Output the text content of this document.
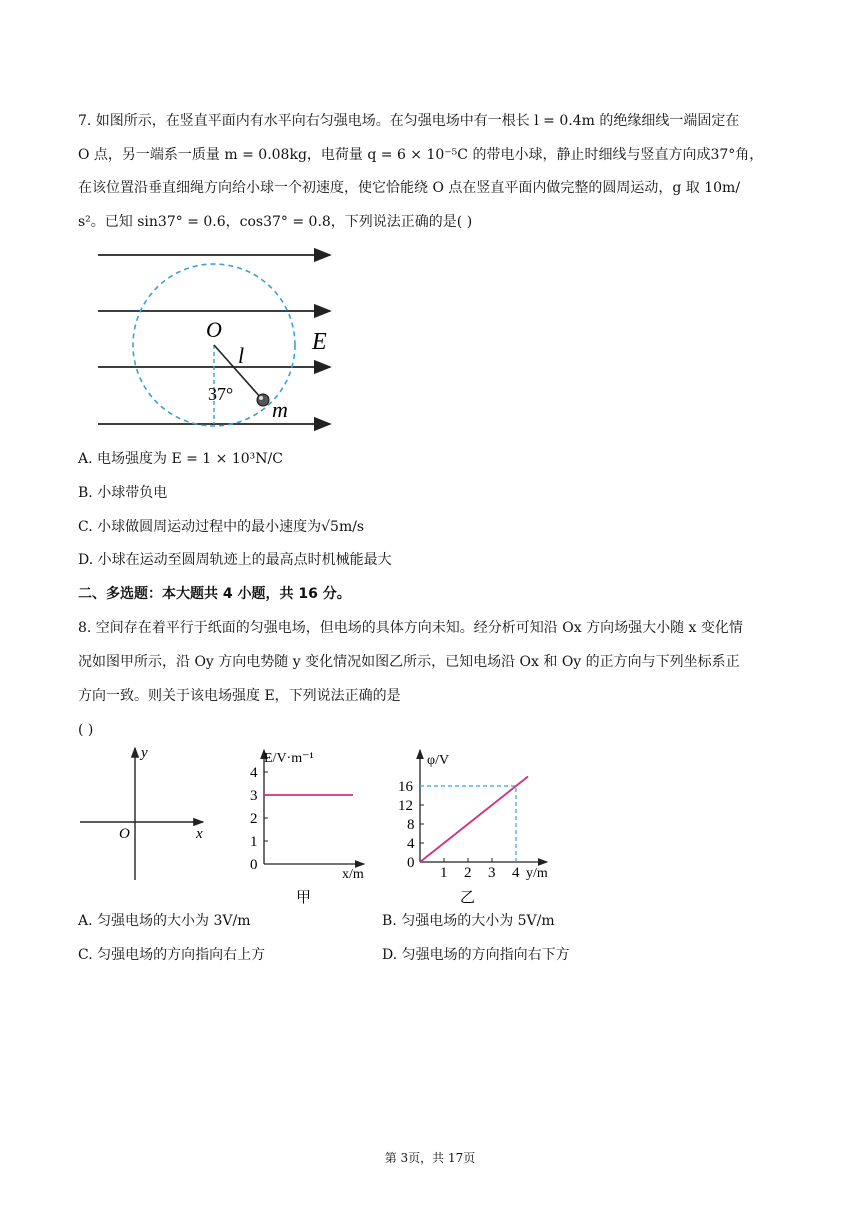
7. 如图所示，在竖直平面内有水平向右匀强电场。在匀强电场中有一根长 l = 0.4m 的绝缘细线一端固定在
O 点，另一端系一质量 m = 0.08kg，电荷量 q = 6 × 10⁻⁵C 的带电小球，静止时细线与竖直方向成37°角，
在该位置沿垂直细绳方向给小球一个初速度，使它恰能绕 O 点在竖直平面内做完整的圆周运动，g 取 10m/
s²。已知 sin37° = 0.6，cos37° = 0.8，下列说法正确的是( )
O
l
E
37°
m
A. 电场强度为 E = 1 × 10³N/C
B. 小球带负电
C. 小球做圆周运动过程中的最小速度为√5m/s
D. 小球在运动至圆周轨迹上的最高点时机械能最大
二、多选题：本大题共 4 小题，共 16 分。
8. 空间存在着平行于纸面的匀强电场，但电场的具体方向未知。经分析可知沿 Ox 方向场强大小随 x 变化情
况如图甲所示，沿 Oy 方向电势随 y 变化情况如图乙所示，已知电场沿 Ox 和 Oy 的正方向与下列坐标系正
方向一致。则关于该电场强度 E，下列说法正确的是
( )
y
x
O
E/V·m⁻¹
x/m
甲
0
1
2
3
4
φ/V
y/m
乙
0
4
8
12
16
1 2 3 4
A. 匀强电场的大小为 3V/m	B. 匀强电场的大小为 5V/m
C. 匀强电场的方向指向右上方	D. 匀强电场的方向指向右下方
第 3页，共 17页
